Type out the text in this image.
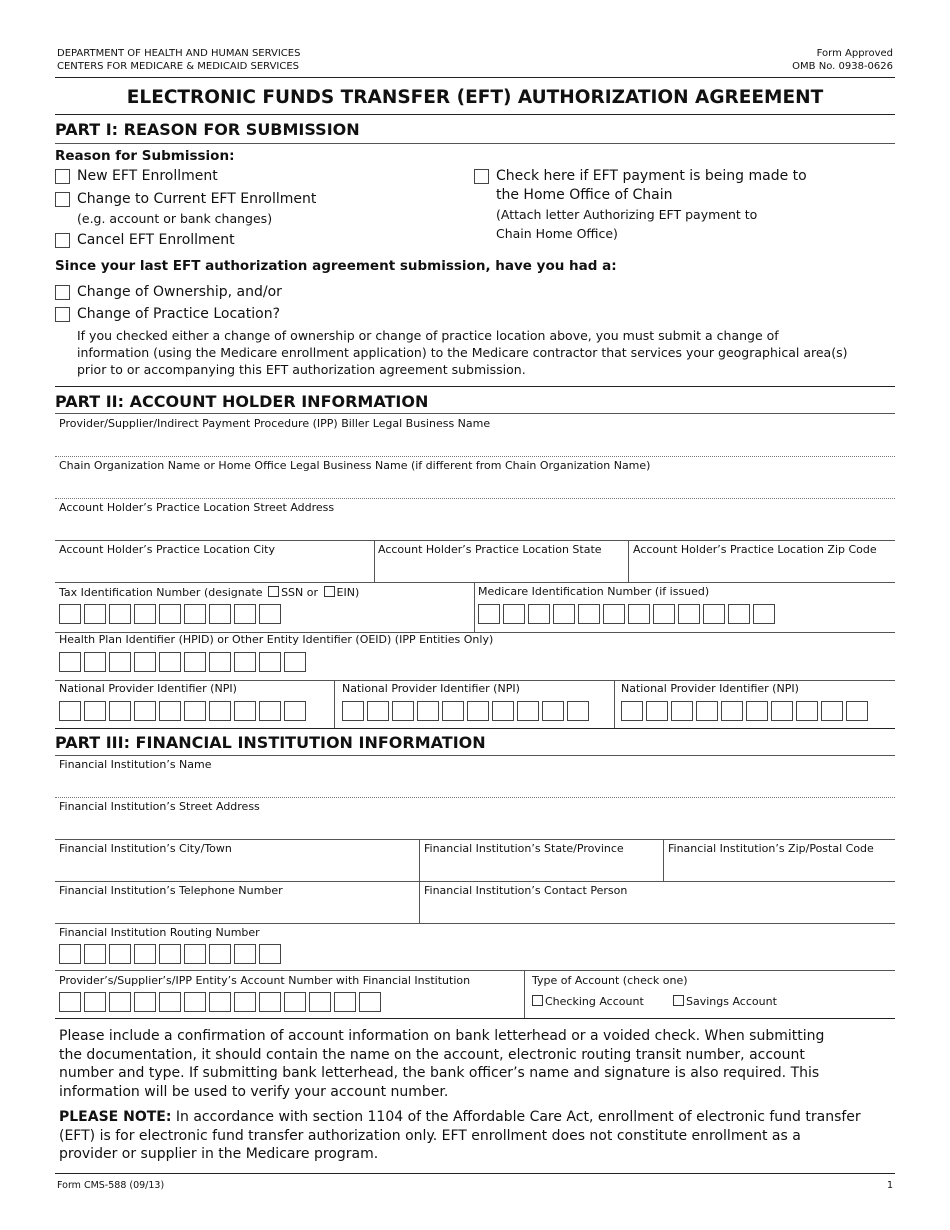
DEPARTMENT OF HEALTH AND HUMAN SERVICES
CENTERS FOR MEDICARE & MEDICAID SERVICES
Form Approved
OMB No. 0938-0626
ELECTRONIC FUNDS TRANSFER (EFT) AUTHORIZATION AGREEMENT
PART I: REASON FOR SUBMISSION
Reason for Submission:
New EFT Enrollment
Change to Current EFT Enrollment
(e.g. account or bank changes)
Cancel EFT Enrollment
Check here if EFT payment is being made to
the Home Office of Chain
(Attach letter Authorizing EFT payment to
Chain Home Office)
Since your last EFT authorization agreement submission, have you had a:
Change of Ownership, and/or
Change of Practice Location?
If you checked either a change of ownership or change of practice location above, you must submit a change of
information (using the Medicare enrollment application) to the Medicare contractor that services your geographical area(s)
prior to or accompanying this EFT authorization agreement submission.
PART II: ACCOUNT HOLDER INFORMATION
Provider/Supplier/Indirect Payment Procedure (IPP) Biller Legal Business Name
Chain Organization Name or Home Office Legal Business Name (if different from Chain Organization Name)
Account Holder’s Practice Location Street Address
Account Holder’s Practice Location City	Account Holder’s Practice Location State	Account Holder’s Practice Location Zip Code
Tax Identification Number (designate SSN or EIN)	Medicare Identification Number (if issued)
Health Plan Identifier (HPID) or Other Entity Identifier (OEID) (IPP Entities Only)
National Provider Identifier (NPI)	National Provider Identifier (NPI)	National Provider Identifier (NPI)
PART III: FINANCIAL INSTITUTION INFORMATION
Financial Institution’s Name
Financial Institution’s Street Address
Financial Institution’s City/Town	Financial Institution’s State/Province	Financial Institution’s Zip/Postal Code
Financial Institution’s Telephone Number	Financial Institution’s Contact Person
Financial Institution Routing Number
Provider’s/Supplier’s/IPP Entity’s Account Number with Financial Institution	Type of Account (check one)
Checking Account	Savings Account
Please include a confirmation of account information on bank letterhead or a voided check. When submitting
the documentation, it should contain the name on the account, electronic routing transit number, account
number and type. If submitting bank letterhead, the bank officer’s name and signature is also required. This
information will be used to verify your account number.
PLEASE NOTE: In accordance with section 1104 of the Affordable Care Act, enrollment of electronic fund transfer
(EFT) is for electronic fund transfer authorization only. EFT enrollment does not constitute enrollment as a
provider or supplier in the Medicare program.
Form CMS-588 (09/13)	1
